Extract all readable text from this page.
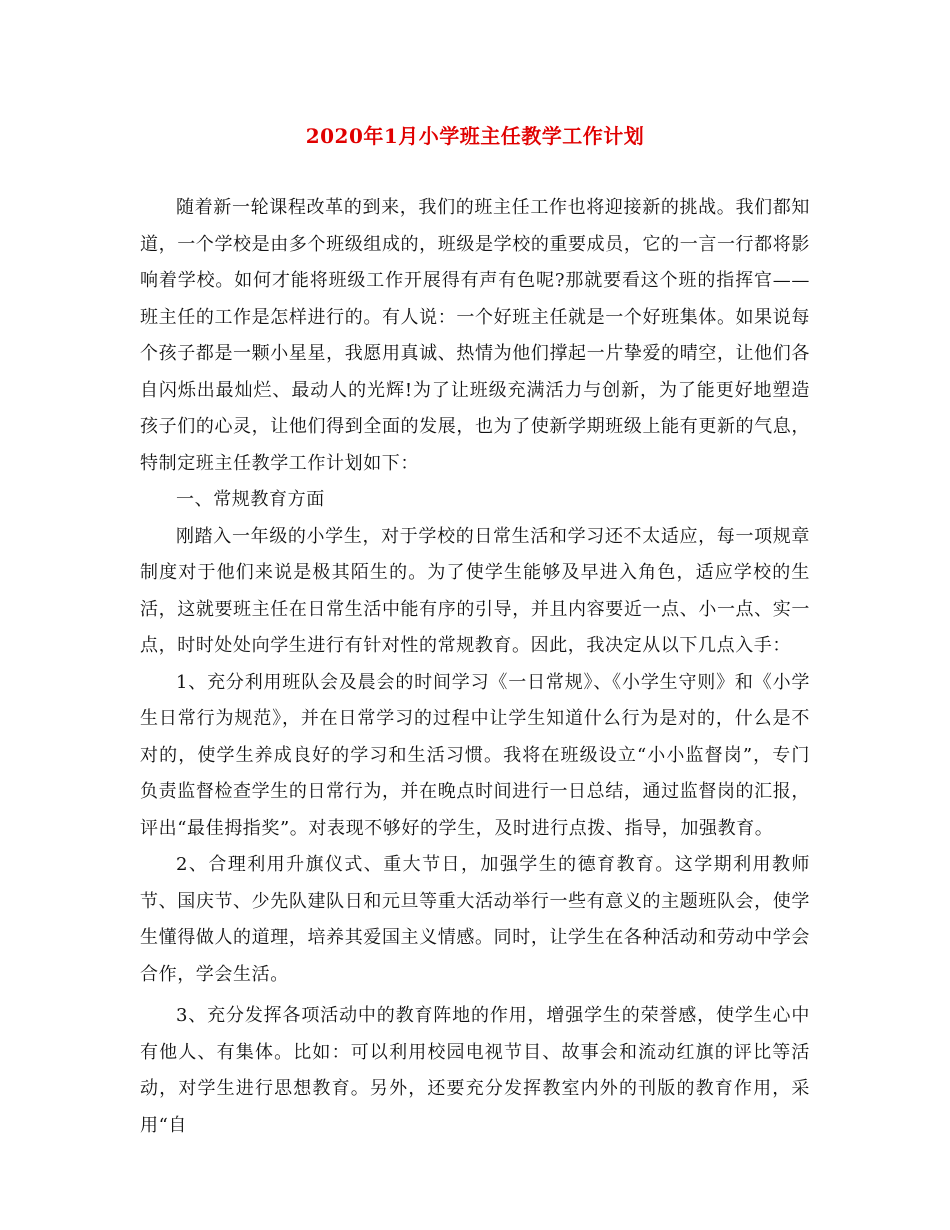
2020年1月小学班主任教学工作计划

随着新一轮课程改革的到来，我们的班主任工作也将迎接新的挑战。我们都知道，一个学校是由多个班级组成的，班级是学校的重要成员，它的一言一行都将影响着学校。如何才能将班级工作开展得有声有色呢?那就要看这个班的指挥官——班主任的工作是怎样进行的。有人说：一个好班主任就是一个好班集体。如果说每个孩子都是一颗小星星，我愿用真诚、热情为他们撑起一片挚爱的晴空，让他们各自闪烁出最灿烂、最动人的光辉!为了让班级充满活力与创新，为了能更好地塑造孩子们的心灵，让他们得到全面的发展，也为了使新学期班级上能有更新的气息，特制定班主任教学工作计划如下：

一、常规教育方面

刚踏入一年级的小学生，对于学校的日常生活和学习还不太适应，每一项规章制度对于他们来说是极其陌生的。为了使学生能够及早进入角色，适应学校的生活，这就要班主任在日常生活中能有序的引导，并且内容要近一点、小一点、实一点，时时处处向学生进行有针对性的常规教育。因此，我决定从以下几点入手：

1、充分利用班队会及晨会的时间学习《一日常规》、《小学生守则》和《小学生日常行为规范》，并在日常学习的过程中让学生知道什么行为是对的，什么是不对的，使学生养成良好的学习和生活习惯。我将在班级设立“小小监督岗”，专门负责监督检查学生的日常行为，并在晚点时间进行一日总结，通过监督岗的汇报，评出“最佳拇指奖”。对表现不够好的学生，及时进行点拨、指导，加强教育。

2、合理利用升旗仪式、重大节日，加强学生的德育教育。这学期利用教师节、国庆节、少先队建队日和元旦等重大活动举行一些有意义的主题班队会，使学生懂得做人的道理，培养其爱国主义情感。同时，让学生在各种活动和劳动中学会合作，学会生活。

3、充分发挥各项活动中的教育阵地的作用，增强学生的荣誉感，使学生心中有他人、有集体。比如：可以利用校园电视节目、故事会和流动红旗的评比等活动，对学生进行思想教育。另外，还要充分发挥教室内外的刊版的教育作用，采用“自
